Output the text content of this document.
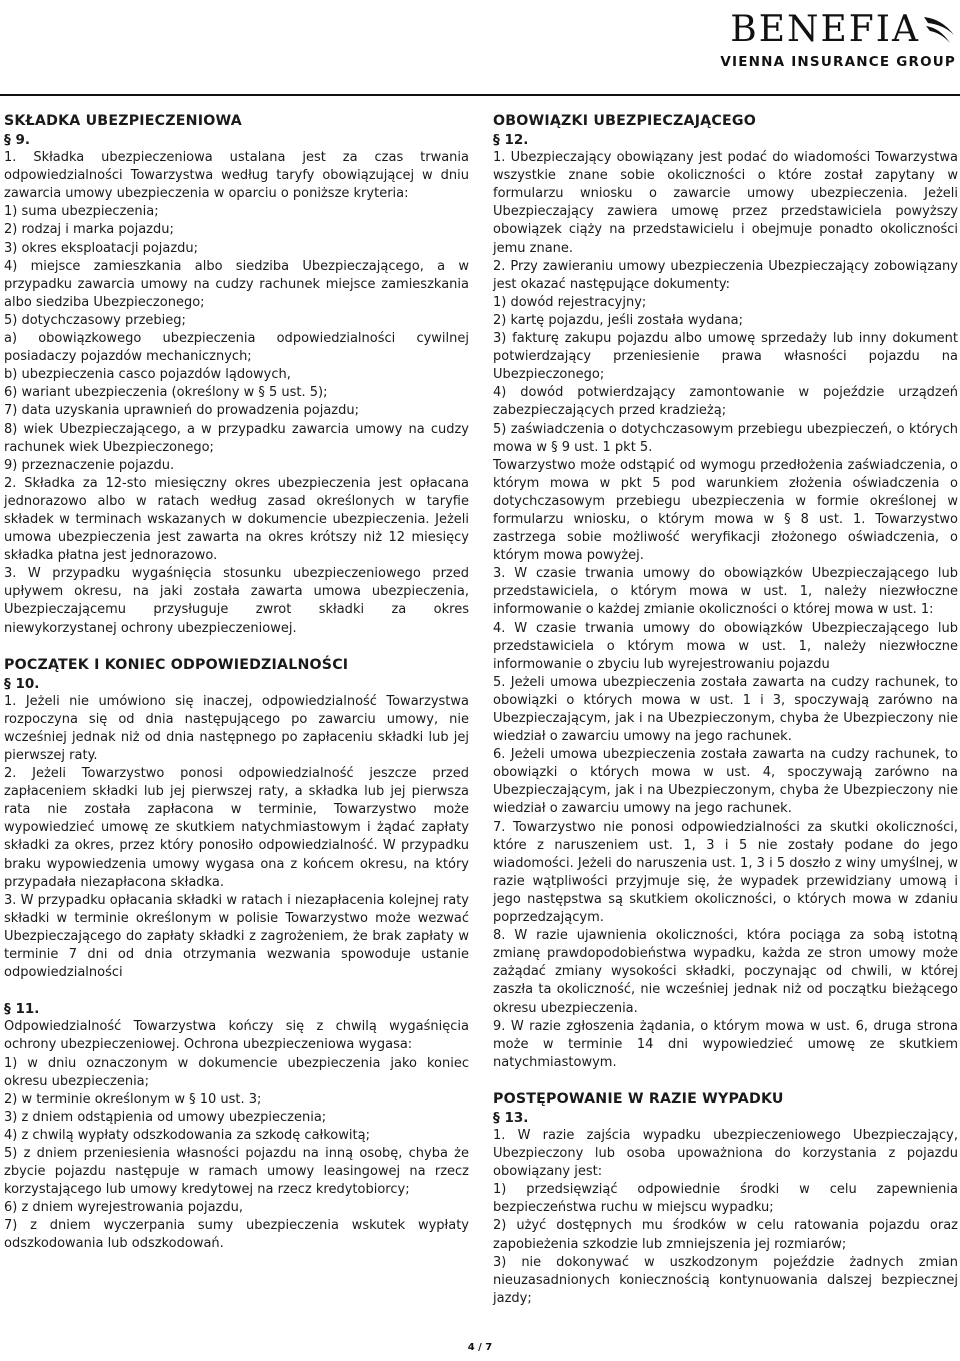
BENEFIA
VIENNA INSURANCE GROUP

SKŁADKA UBEZPIECZENIOWA

§ 9.

1. Składka ubezpieczeniowa ustalana jest za czas trwania odpowiedzialności Towarzystwa według taryfy obowiązującej w dniu zawarcia umowy ubezpieczenia w oparciu o poniższe kryteria:

1) suma ubezpieczenia;

2) rodzaj i marka pojazdu;

3) okres eksploatacji pojazdu;

4) miejsce zamieszkania albo siedziba Ubezpieczającego, a w przypadku zawarcia umowy na cudzy rachunek miejsce zamieszkania albo siedziba Ubezpieczonego;

5) dotychczasowy przebieg;

a) obowiązkowego ubezpieczenia odpowiedzialności cywilnej posiadaczy pojazdów mechanicznych;

b) ubezpieczenia casco pojazdów lądowych,

6) wariant ubezpieczenia (określony w § 5 ust. 5);

7) data uzyskania uprawnień do prowadzenia pojazdu;

8) wiek Ubezpieczającego, a w przypadku zawarcia umowy na cudzy rachunek wiek Ubezpieczonego;

9) przeznaczenie pojazdu.

2. Składka za 12-sto miesięczny okres ubezpieczenia jest opłacana jednorazowo albo w ratach według zasad określonych w taryfie składek w terminach wskazanych w dokumencie ubezpieczenia. Jeżeli umowa ubezpieczenia jest zawarta na okres krótszy niż 12 miesięcy składka płatna jest jednorazowo.

3. W przypadku wygaśnięcia stosunku ubezpieczeniowego przed upływem okresu, na jaki została zawarta umowa ubezpieczenia, Ubezpieczającemu przysługuje zwrot składki za okres niewykorzystanej ochrony ubezpieczeniowej.

POCZĄTEK I KONIEC ODPOWIEDZIALNOŚCI

§ 10.

1. Jeżeli nie umówiono się inaczej, odpowiedzialność Towarzystwa rozpoczyna się od dnia następującego po zawarciu umowy, nie wcześniej jednak niż od dnia następnego po zapłaceniu składki lub jej pierwszej raty.

2. Jeżeli Towarzystwo ponosi odpowiedzialność jeszcze przed zapłaceniem składki lub jej pierwszej raty, a składka lub jej pierwsza rata nie została zapłacona w terminie, Towarzystwo może wypowiedzieć umowę ze skutkiem natychmiastowym i żądać zapłaty składki za okres, przez który ponosiło odpowiedzialność. W przypadku braku wypowiedzenia umowy wygasa ona z końcem okresu, na który przypadała niezapłacona składka.

3. W przypadku opłacania składki w ratach i niezapłacenia kolejnej raty składki w terminie określonym w polisie Towarzystwo może wezwać Ubezpieczającego do zapłaty składki z zagrożeniem, że brak zapłaty w terminie 7 dni od dnia otrzymania wezwania spowoduje ustanie odpowiedzialności

§ 11.

Odpowiedzialność Towarzystwa kończy się z chwilą wygaśnięcia ochrony ubezpieczeniowej. Ochrona ubezpieczeniowa wygasa:

1) w dniu oznaczonym w dokumencie ubezpieczenia jako koniec okresu ubezpieczenia;

2) w terminie określonym w § 10 ust. 3;

3) z dniem odstąpienia od umowy ubezpieczenia;

4) z chwilą wypłaty odszkodowania za szkodę całkowitą;

5) z dniem przeniesienia własności pojazdu na inną osobę, chyba że zbycie pojazdu następuje w ramach umowy leasingowej na rzecz korzystającego lub umowy kredytowej na rzecz kredytobiorcy;

6) z dniem wyrejestrowania pojazdu,

7) z dniem wyczerpania sumy ubezpieczenia wskutek wypłaty odszkodowania lub odszkodowań.

OBOWIĄZKI UBEZPIECZAJĄCEGO

§ 12.

1. Ubezpieczający obowiązany jest podać do wiadomości Towarzystwa wszystkie znane sobie okoliczności o które został zapytany w formularzu wniosku o zawarcie umowy ubezpieczenia. Jeżeli Ubezpieczający zawiera umowę przez przedstawiciela powyższy obowiązek ciąży na przedstawicielu i obejmuje ponadto okoliczności jemu znane.

2. Przy zawieraniu umowy ubezpieczenia Ubezpieczający zobowiązany jest okazać następujące dokumenty:

1) dowód rejestracyjny;

2) kartę pojazdu, jeśli została wydana;

3) fakturę zakupu pojazdu albo umowę sprzedaży lub inny dokument potwierdzający przeniesienie prawa własności pojazdu na Ubezpieczonego;

4) dowód potwierdzający zamontowanie w pojeździe urządzeń zabezpieczających przed kradzieżą;

5) zaświadczenia o dotychczasowym przebiegu ubezpieczeń, o których mowa w § 9 ust. 1 pkt 5.

Towarzystwo może odstąpić od wymogu przedłożenia zaświadczenia, o którym mowa w pkt 5 pod warunkiem złożenia oświadczenia o dotychczasowym przebiegu ubezpieczenia w formie określonej w formularzu wniosku, o którym mowa w § 8 ust. 1. Towarzystwo zastrzega sobie możliwość weryfikacji złożonego oświadczenia, o którym mowa powyżej.

3. W czasie trwania umowy do obowiązków Ubezpieczającego lub przedstawiciela, o którym mowa w ust. 1, należy niezwłoczne informowanie o każdej zmianie okoliczności o której mowa w ust. 1:

4. W czasie trwania umowy do obowiązków Ubezpieczającego lub przedstawiciela o którym mowa w ust. 1, należy niezwłoczne informowanie o zbyciu lub wyrejestrowaniu pojazdu

5. Jeżeli umowa ubezpieczenia została zawarta na cudzy rachunek, to obowiązki o których mowa w ust. 1 i 3, spoczywają zarówno na Ubezpieczającym, jak i na Ubezpieczonym, chyba że Ubezpieczony nie wiedział o zawarciu umowy na jego rachunek.

6. Jeżeli umowa ubezpieczenia została zawarta na cudzy rachunek, to obowiązki o których mowa w ust. 4, spoczywają zarówno na Ubezpieczającym, jak i na Ubezpieczonym, chyba że Ubezpieczony nie wiedział o zawarciu umowy na jego rachunek.

7. Towarzystwo nie ponosi odpowiedzialności za skutki okoliczności, które z naruszeniem ust. 1, 3 i 5 nie zostały podane do jego wiadomości. Jeżeli do naruszenia ust. 1, 3 i 5 doszło z winy umyślnej, w razie wątpliwości przyjmuje się, że wypadek przewidziany umową i jego następstwa są skutkiem okoliczności, o których mowa w zdaniu poprzedzającym.

8. W razie ujawnienia okoliczności, która pociąga za sobą istotną zmianę prawdopodobieństwa wypadku, każda ze stron umowy może zażądać zmiany wysokości składki, poczynając od chwili, w której zaszła ta okoliczność, nie wcześniej jednak niż od początku bieżącego okresu ubezpieczenia.

9. W razie zgłoszenia żądania, o którym mowa w ust. 6, druga strona może w terminie 14 dni wypowiedzieć umowę ze skutkiem natychmiastowym.

POSTĘPOWANIE W RAZIE WYPADKU

§ 13.

1. W razie zajścia wypadku ubezpieczeniowego Ubezpieczający, Ubezpieczony lub osoba upoważniona do korzystania z pojazdu obowiązany jest:

1) przedsięwziąć odpowiednie środki w celu zapewnienia bezpieczeństwa ruchu w miejscu wypadku;

2) użyć dostępnych mu środków w celu ratowania pojazdu oraz zapobieżenia szkodzie lub zmniejszenia jej rozmiarów;

3) nie dokonywać w uszkodzonym pojeździe żadnych zmian nieuzasadnionych koniecznością kontynuowania dalszej bezpiecznej jazdy;

4 / 7
